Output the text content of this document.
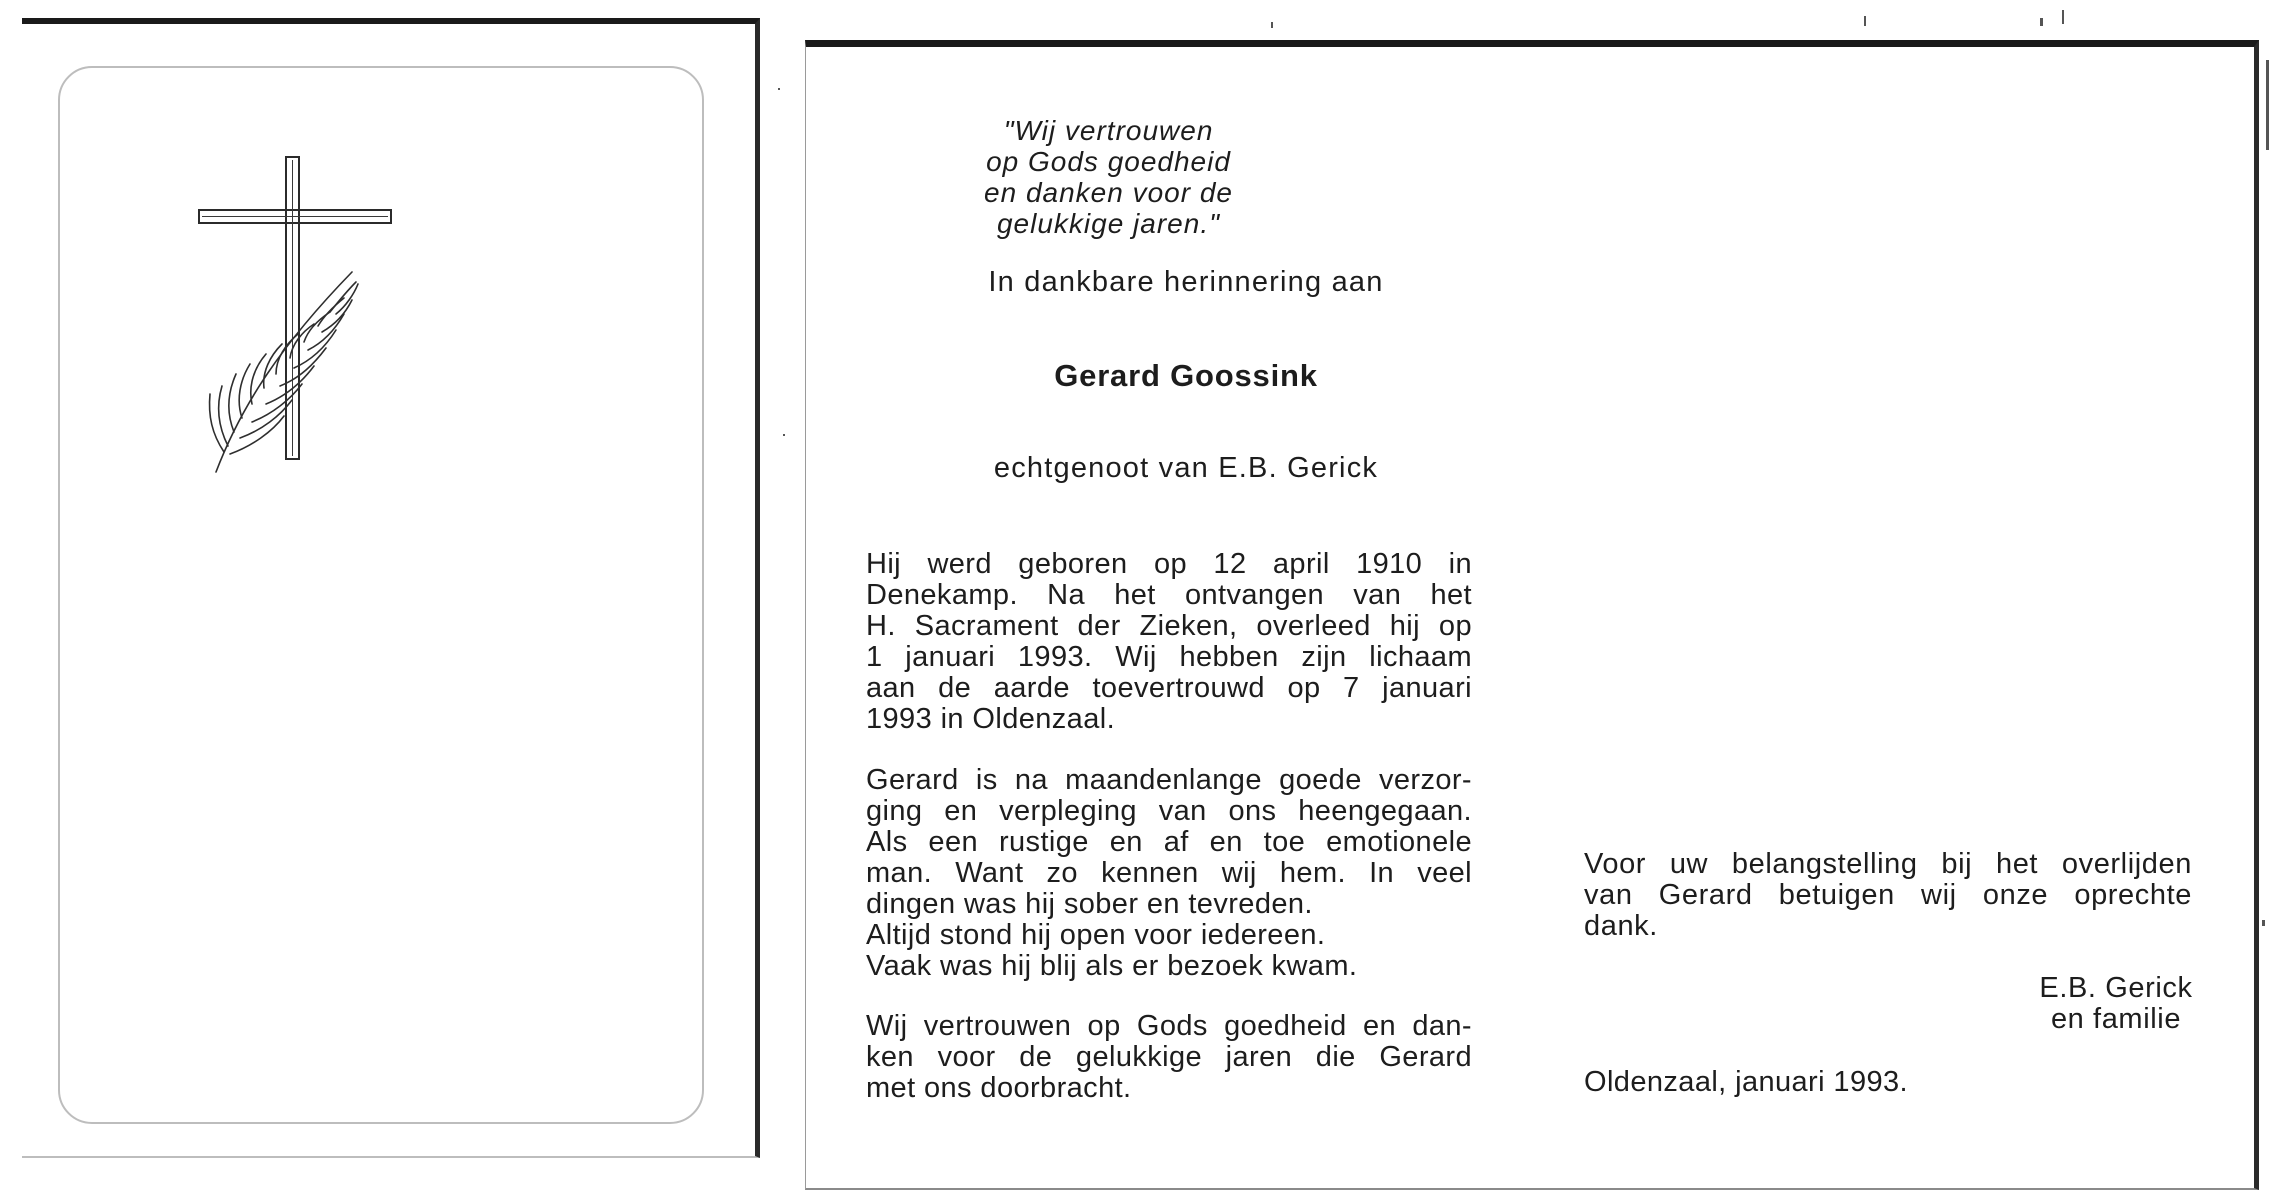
"Wij vertrouwen
op Gods goedheid
en danken voor de
gelukkige jaren."
In dankbare herinnering aan
Gerard Goossink
echtgenoot van E.B. Gerick
Hij werd geboren op 12 april 1910 in
Denekamp. Na het ontvangen van het
H. Sacrament der Zieken, overleed hij op
1 januari 1993. Wij hebben zijn lichaam
aan de aarde toevertrouwd op 7 januari
1993 in Oldenzaal.
Gerard is na maandenlange goede verzor-
ging en verpleging van ons heengegaan.
Als een rustige en af en toe emotionele
man. Want zo kennen wij hem. In veel
dingen was hij sober en tevreden.
Altijd stond hij open voor iedereen.
Vaak was hij blij als er bezoek kwam.
Wij vertrouwen op Gods goedheid en dan-
ken voor de gelukkige jaren die Gerard
met ons doorbracht.
Voor uw belangstelling bij het overlijden
van Gerard betuigen wij onze oprechte
dank.
E.B. Gerick
en familie
Oldenzaal, januari 1993.
